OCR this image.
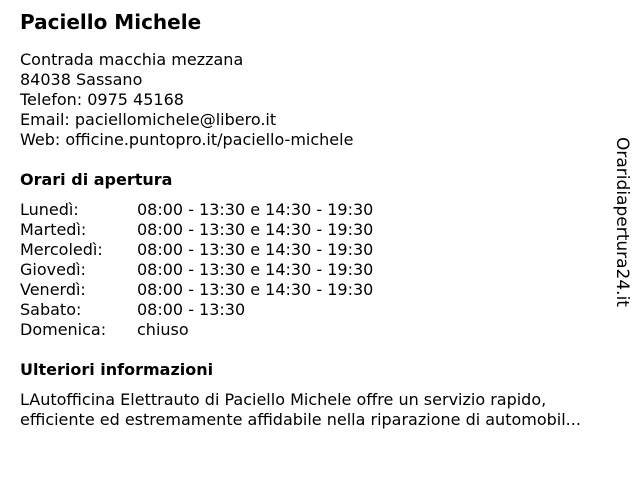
Paciello Michele
Contrada macchia mezzana
84038 Sassano
Telefon: 0975 45168
Email: paciellomichele@libero.it
Web: officine.puntopro.it/paciello-michele
Orari di apertura
Lunedì:	08:00 - 13:30 e 14:30 - 19:30
Martedì:	08:00 - 13:30 e 14:30 - 19:30
Mercoledì:	08:00 - 13:30 e 14:30 - 19:30
Giovedì:	08:00 - 13:30 e 14:30 - 19:30
Venerdì:	08:00 - 13:30 e 14:30 - 19:30
Sabato:	08:00 - 13:30
Domenica:	chiuso
Ulteriori informazioni
LAutofficina Elettrauto di Paciello Michele offre un servizio rapido,
efficiente ed estremamente affidabile nella riparazione di automobil...
Oraridiapertura24.it
